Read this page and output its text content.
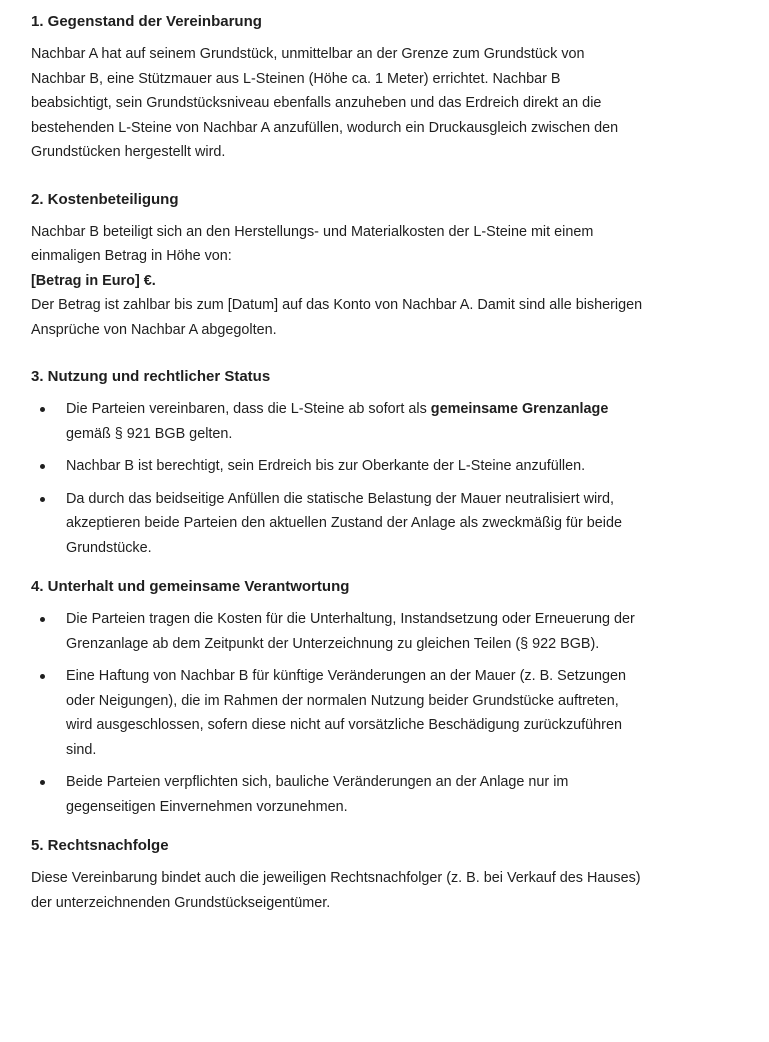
1. Gegenstand der Vereinbarung

Nachbar A hat auf seinem Grundstück, unmittelbar an der Grenze zum Grundstück von
Nachbar B, eine Stützmauer aus L-Steinen (Höhe ca. 1 Meter) errichtet. Nachbar B
beabsichtigt, sein Grundstücksniveau ebenfalls anzuheben und das Erdreich direkt an die
bestehenden L-Steine von Nachbar A anzufüllen, wodurch ein Druckausgleich zwischen den
Grundstücken hergestellt wird.

2. Kostenbeteiligung

Nachbar B beteiligt sich an den Herstellungs- und Materialkosten der L-Steine mit einem
einmaligen Betrag in Höhe von:
[Betrag in Euro] €.
Der Betrag ist zahlbar bis zum [Datum] auf das Konto von Nachbar A. Damit sind alle bisherigen
Ansprüche von Nachbar A abgegolten.

3. Nutzung und rechtlicher Status
Die Parteien vereinbaren, dass die L-Steine ab sofort als gemeinsame Grenzanlage
gemäß § 921 BGB gelten.
Nachbar B ist berechtigt, sein Erdreich bis zur Oberkante der L-Steine anzufüllen.
Da durch das beidseitige Anfüllen die statische Belastung der Mauer neutralisiert wird,
akzeptieren beide Parteien den aktuellen Zustand der Anlage als zweckmäßig für beide
Grundstücke.
4. Unterhalt und gemeinsame Verantwortung
Die Parteien tragen die Kosten für die Unterhaltung, Instandsetzung oder Erneuerung der
Grenzanlage ab dem Zeitpunkt der Unterzeichnung zu gleichen Teilen (§ 922 BGB).
Eine Haftung von Nachbar B für künftige Veränderungen an der Mauer (z. B. Setzungen
oder Neigungen), die im Rahmen der normalen Nutzung beider Grundstücke auftreten,
wird ausgeschlossen, sofern diese nicht auf vorsätzliche Beschädigung zurückzuführen
sind.
Beide Parteien verpflichten sich, bauliche Veränderungen an der Anlage nur im
gegenseitigen Einvernehmen vorzunehmen.
5. Rechtsnachfolge

Diese Vereinbarung bindet auch die jeweiligen Rechtsnachfolger (z. B. bei Verkauf des Hauses)
der unterzeichnenden Grundstückseigentümer.
